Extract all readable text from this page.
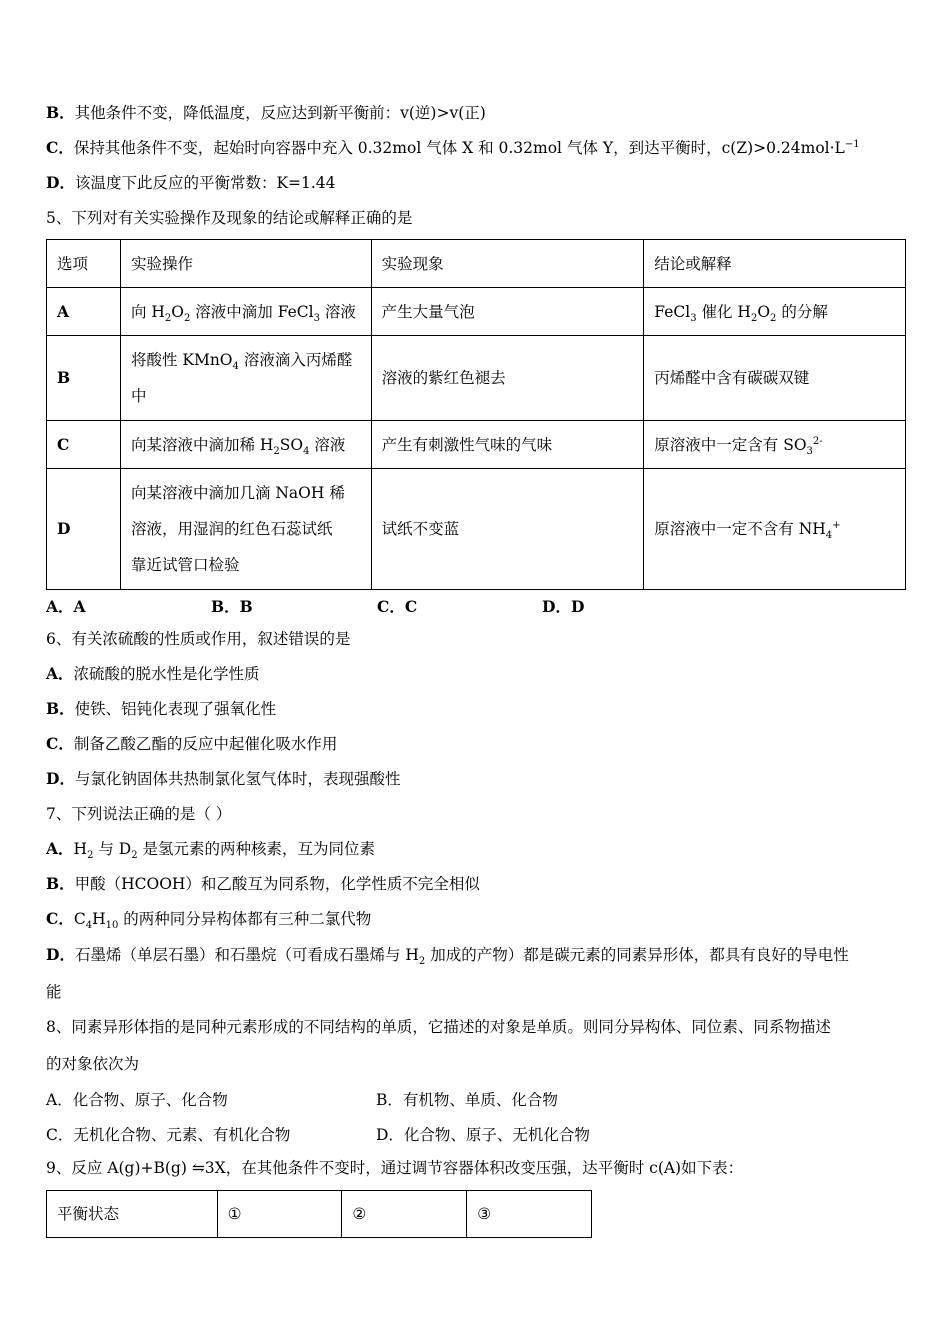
B．其他条件不变，降低温度，反应达到新平衡前：v(逆)>v(正)
C．保持其他条件不变，起始时向容器中充入 0.32mol 气体 X 和 0.32mol 气体 Y，到达平衡时，$c(Z)>0.24mol\cdot L^{-1}$
D．该温度下此反应的平衡常数：K=1.44
5、下列对有关实验操作及现象的结论或解释正确的是
选项	实验操作	实验现象	结论或解释
A	向 $H_2O_2$ 溶液中滴加 FeCl$_3$ 溶液	产生大量气泡	FeCl$_3$ 催化 $H_2O_2$ 的分解
B	将酸性 KMnO$_4$ 溶液滴入丙烯醛
中	溶液的紫红色褪去	丙烯醛中含有碳碳双键
C	向某溶液中滴加稀 $H_2SO_4$ 溶液	产生有刺激性气味的气味	原溶液中一定含有 $SO_3^{2-}$
D	向某溶液中滴加几滴 NaOH 稀
溶液，用湿润的红色石蕊试纸
靠近试管口检验	试纸不变蓝	原溶液中一定不含有 $NH_4^+$
A．A	B．B	C．C	D．D
6、有关浓硫酸的性质或作用，叙述错误的是
A．浓硫酸的脱水性是化学性质
B．使铁、铝钝化表现了强氧化性
C．制备乙酸乙酯的反应中起催化吸水作用
D．与氯化钠固体共热制氯化氢气体时，表现强酸性
7、下列说法正确的是（ ）
A．$H_2$ 与 $D_2$ 是氢元素的两种核素，互为同位素
B．甲酸（HCOOH）和乙酸互为同系物，化学性质不完全相似
C．$C_4H_{10}$ 的两种同分异构体都有三种二氯代物
D．石墨烯（单层石墨）和石墨烷（可看成石墨烯与 $H_2$ 加成的产物）都是碳元素的同素异形体，都具有良好的导电性
能
8、同素异形体指的是同种元素形成的不同结构的单质，它描述的对象是单质。则同分异构体、同位素、同系物描述
的对象依次为
A．化合物、原子、化合物	B．有机物、单质、化合物
C．无机化合物、元素、有机化合物	D．化合物、原子、无机化合物
9、反应 A(g)+B(g) ⇋3X，在其他条件不变时，通过调节容器体积改变压强，达平衡时 c(A)如下表：
平衡状态	①	②	③
